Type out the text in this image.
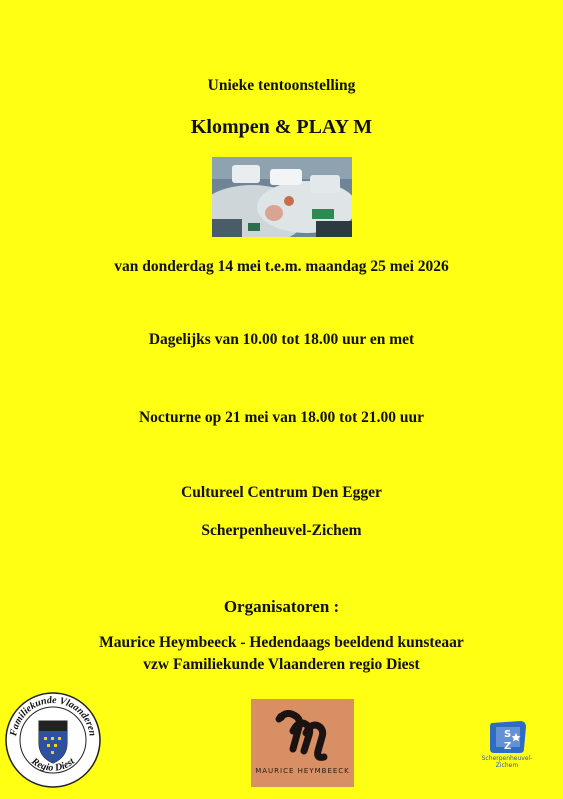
Unieke tentoonstelling
Klompen & PLAY M
van donderdag 14 mei t.e.m. maandag 25 mei 2026
Dagelijks van 10.00 tot 18.00 uur en met
Nocturne op 21 mei van 18.00 tot 21.00 uur
Cultureel Centrum Den Egger
Scherpenheuvel-Zichem
Organisatoren :
Maurice Heymbeeck - Hedendaags beeldend kunsteaar
vzw Familiekunde Vlaanderen regio Diest
Familiekunde Vlaanderen
Regio Diest
MAURICE HEYMBEECK
S
Z
Scherpenheuvel-
Zichem
